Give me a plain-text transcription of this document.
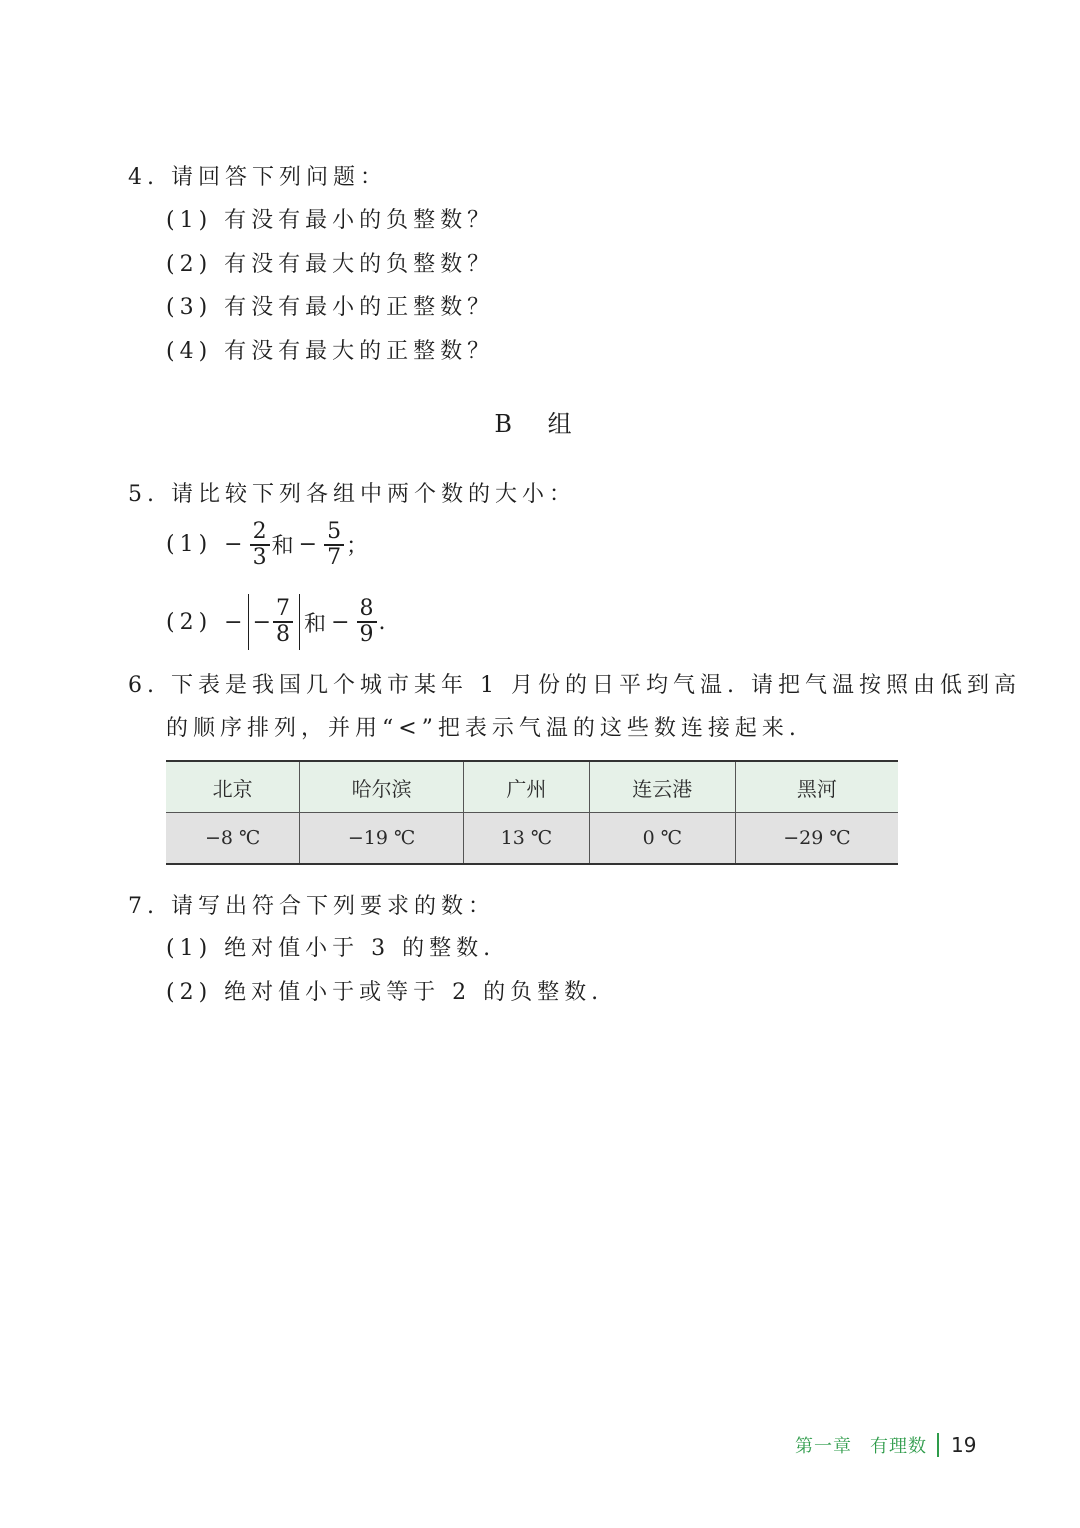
4. 请回答下列问题：
(1) 有没有最小的负整数？
(2) 有没有最大的负整数？
(3) 有没有最小的正整数？
(4) 有没有最大的正整数？
B 组
5. 请比较下列各组中两个数的大小：
$(1) - \frac{2}{3}$ 和 − $\frac{5}{7}$ ；
(2) − − $\frac{7}{8}$ 和 − $\frac{8}{9}$ .
6. 下表是我国几个城市某年 1 月份的日平均气温. 请把气温按照由低到高
的顺序排列，并用“<”把表示气温的这些数连接起来.
北京	哈尔滨	广州	连云港	黑河
−8 ℃	−19 ℃	13 ℃	0 ℃	−29 ℃
7. 请写出符合下列要求的数：
(1) 绝对值小于 3 的整数.
(2) 绝对值小于或等于 2 的负整数.
第一章 有理数 19
